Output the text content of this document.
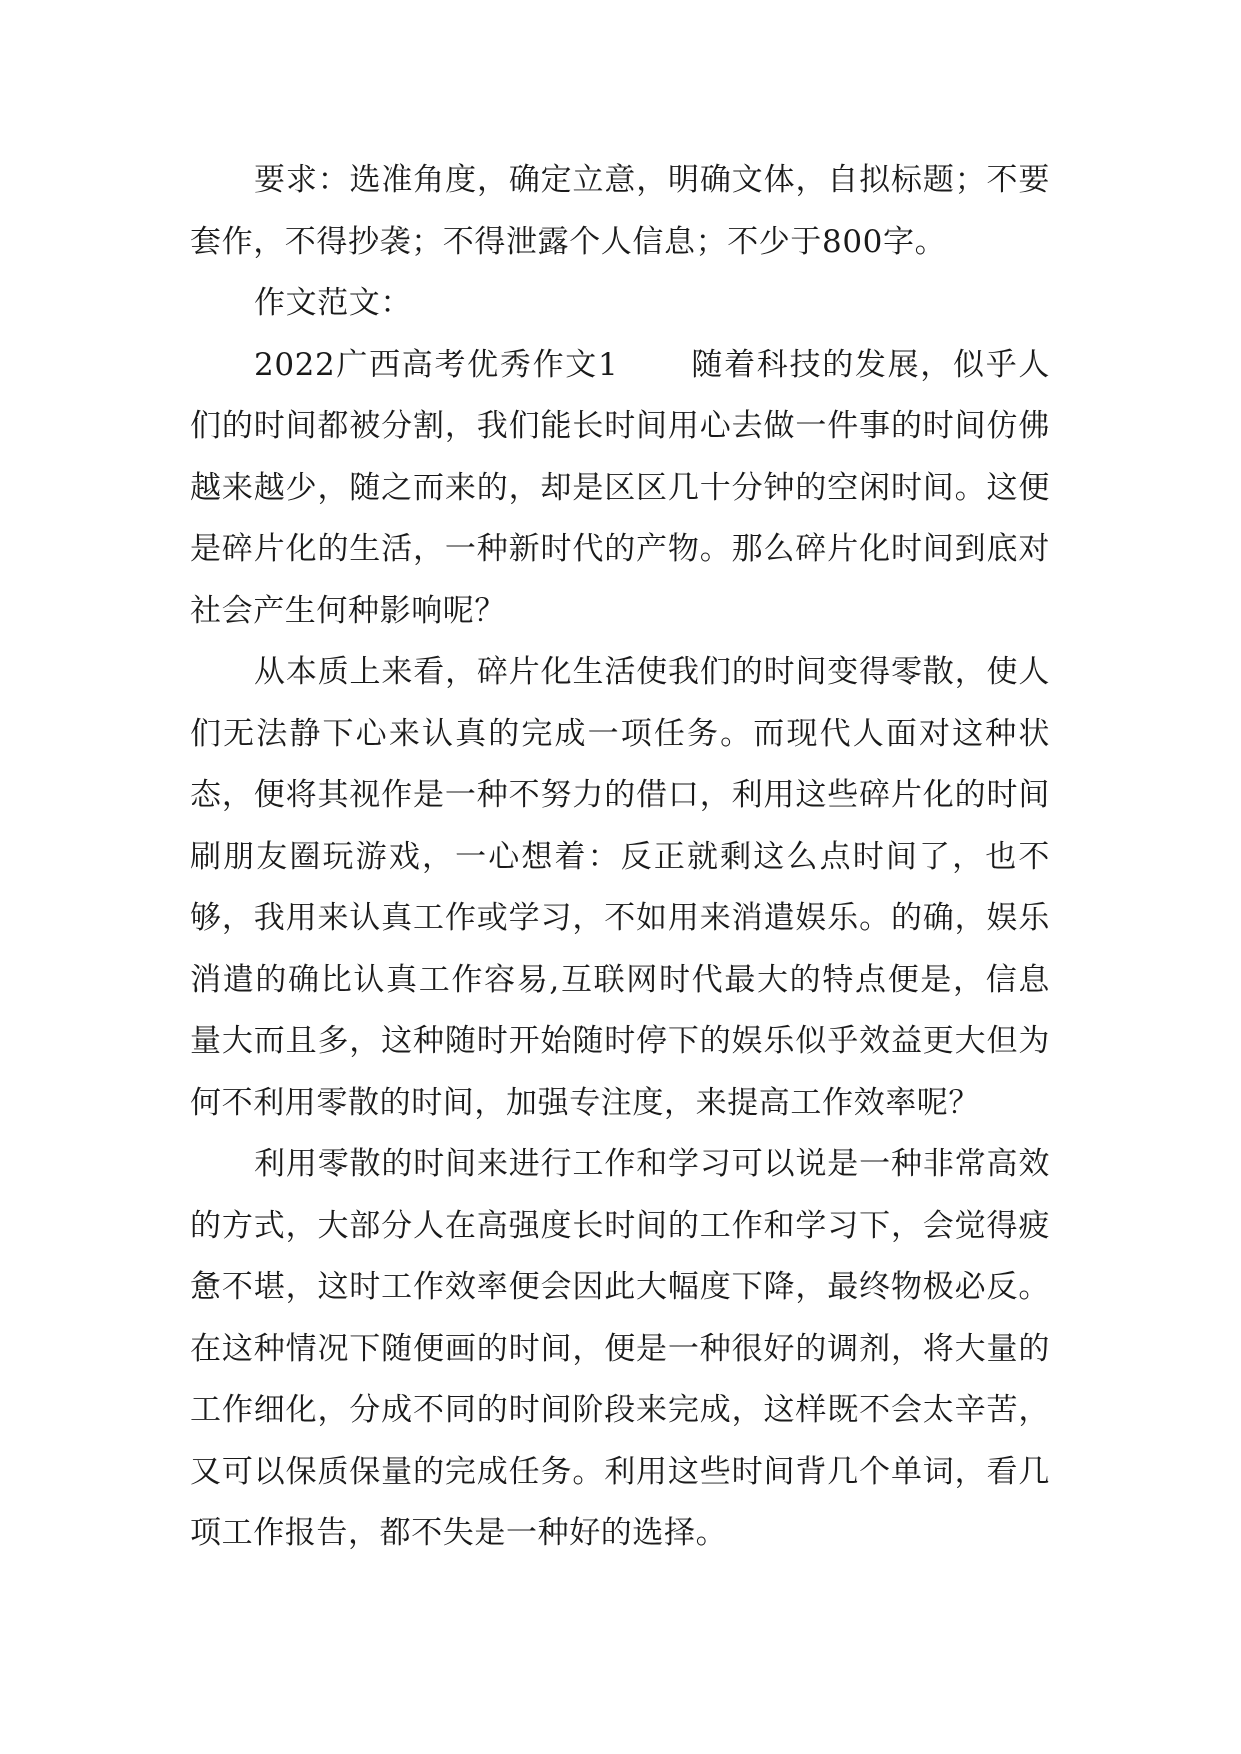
要求：选准角度，确定立意，明确文体，自拟标题；不要套作，不得抄袭；不得泄露个人信息；不少于800字。

作文范文：

2022广西高考优秀作文1 随着科技的发展，似乎人们的时间都被分割，我们能长时间用心去做一件事的时间仿佛越来越少，随之而来的，却是区区几十分钟的空闲时间。这便是碎片化的生活，一种新时代的产物。那么碎片化时间到底对社会产生何种影响呢？

从本质上来看，碎片化生活使我们的时间变得零散，使人们无法静下心来认真的完成一项任务。而现代人面对这种状态，便将其视作是一种不努力的借口，利用这些碎片化的时间刷朋友圈玩游戏，一心想着：反正就剩这么点时间了，也不够，我用来认真工作或学习，不如用来消遣娱乐。的确，娱乐消遣的确比认真工作容易,互联网时代最大的特点便是，信息量大而且多，这种随时开始随时停下的娱乐似乎效益更大但为何不利用零散的时间，加强专注度，来提高工作效率呢？

利用零散的时间来进行工作和学习可以说是一种非常高效的方式，大部分人在高强度长时间的工作和学习下，会觉得疲惫不堪，这时工作效率便会因此大幅度下降，最终物极必反。在这种情况下随便画的时间，便是一种很好的调剂，将大量的工作细化，分成不同的时间阶段来完成，这样既不会太辛苦，又可以保质保量的完成任务。利用这些时间背几个单词，看几项工作报告，都不失是一种好的选择。
